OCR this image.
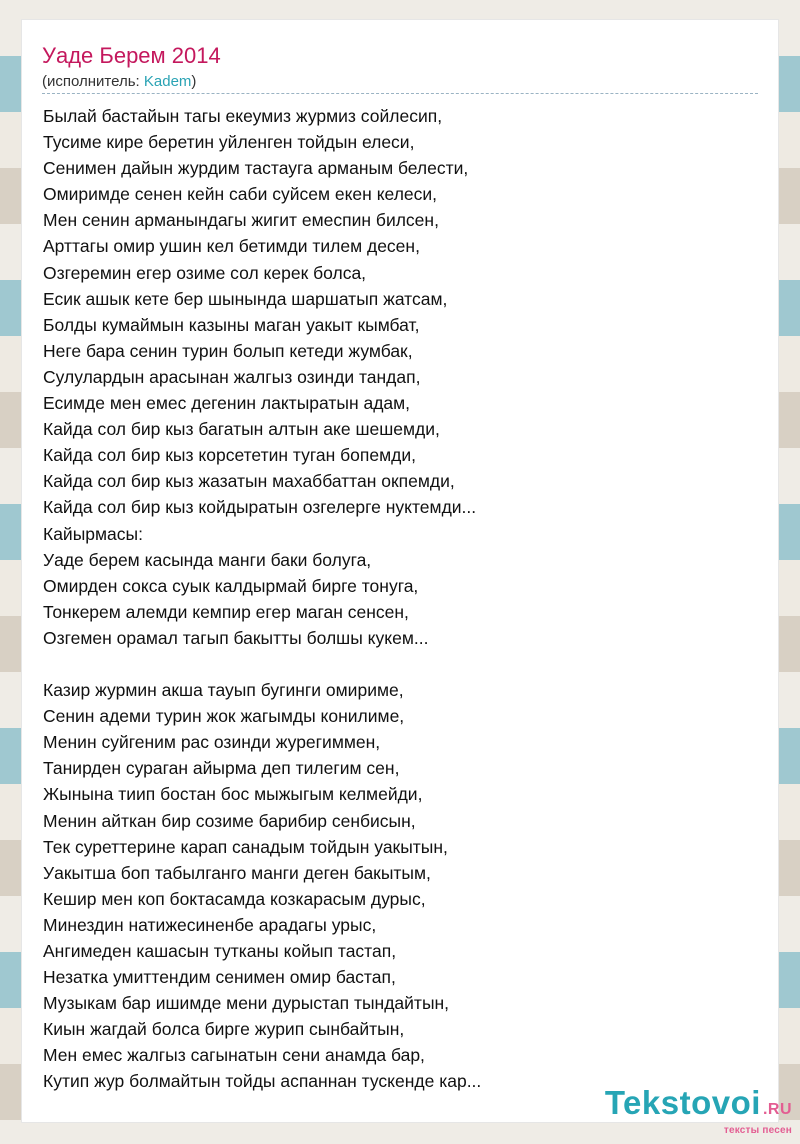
Уаде Берем 2014
(исполнитель: Kadem)
Былай бастайын тагы екеумиз журмиз сойлесип,
Тусиме кире беретин уйленген тойдын елеси,
Сенимен дайын журдим тастауга арманым белести,
Омиримде сенен кейн саби суйсем екен келеси,
Мен сенин арманындагы жигит емеспин билсен,
Арттагы омир ушин кел бетимди тилем десен,
Озгеремин егер озиме сол керек болса,
Есик ашык кете бер шынында шаршатып жатсам,
Болды кумаймын казыны маган уакыт кымбат,
Неге бара сенин турин болып кетеди жумбак,
Сулулардын арасынан жалгыз озинди тандап,
Есимде мен емес дегенин лактыратын адам,
Кайда сол бир кыз багатын алтын аке шешемди,
Кайда сол бир кыз корсететин туган бопемди,
Кайда сол бир кыз жазатын махаббаттан окпемди,
Кайда сол бир кыз койдыратын озгелерге нуктемди...
Кайырмасы:
Уаде берем касында манги баки болуга,
Омирден сокса суык калдырмай бирге тонуга,
Тонкерем алемди кемпир егер маган сенсен,
Озгемен орамал тагып бакытты болшы кукем...
Казир журмин акша тауып бугинги омириме,
Сенин адеми турин жок жагымды конилиме,
Менин суйгеним рас озинди журегиммен,
Танирден сураган айырма деп тилегим сен,
Жынына тиип бостан бос мыжыгым келмейди,
Менин айткан бир созиме барибир сенбисын,
Тек суреттерине карап санадым тойдын уакытын,
Уакытша боп табылганго манги деген бакытым,
Кешир мен коп боктасамда козкарасым дурыс,
Минездин натижесиненбе арадагы урыс,
Ангимеден кашасын тутканы койып тастап,
Незатка умиттендим сенимен омир бастап,
Музыкам бар ишимде мени дурыстап тындайтын,
Киын жагдай болса бирге журип сынбайтын,
Мен емес жалгыз сагынатын сени анамда бар,
Кутип жур болмайтын тойды аспаннан тускенде кар...
Tekstovoi .RU
тексты песен
